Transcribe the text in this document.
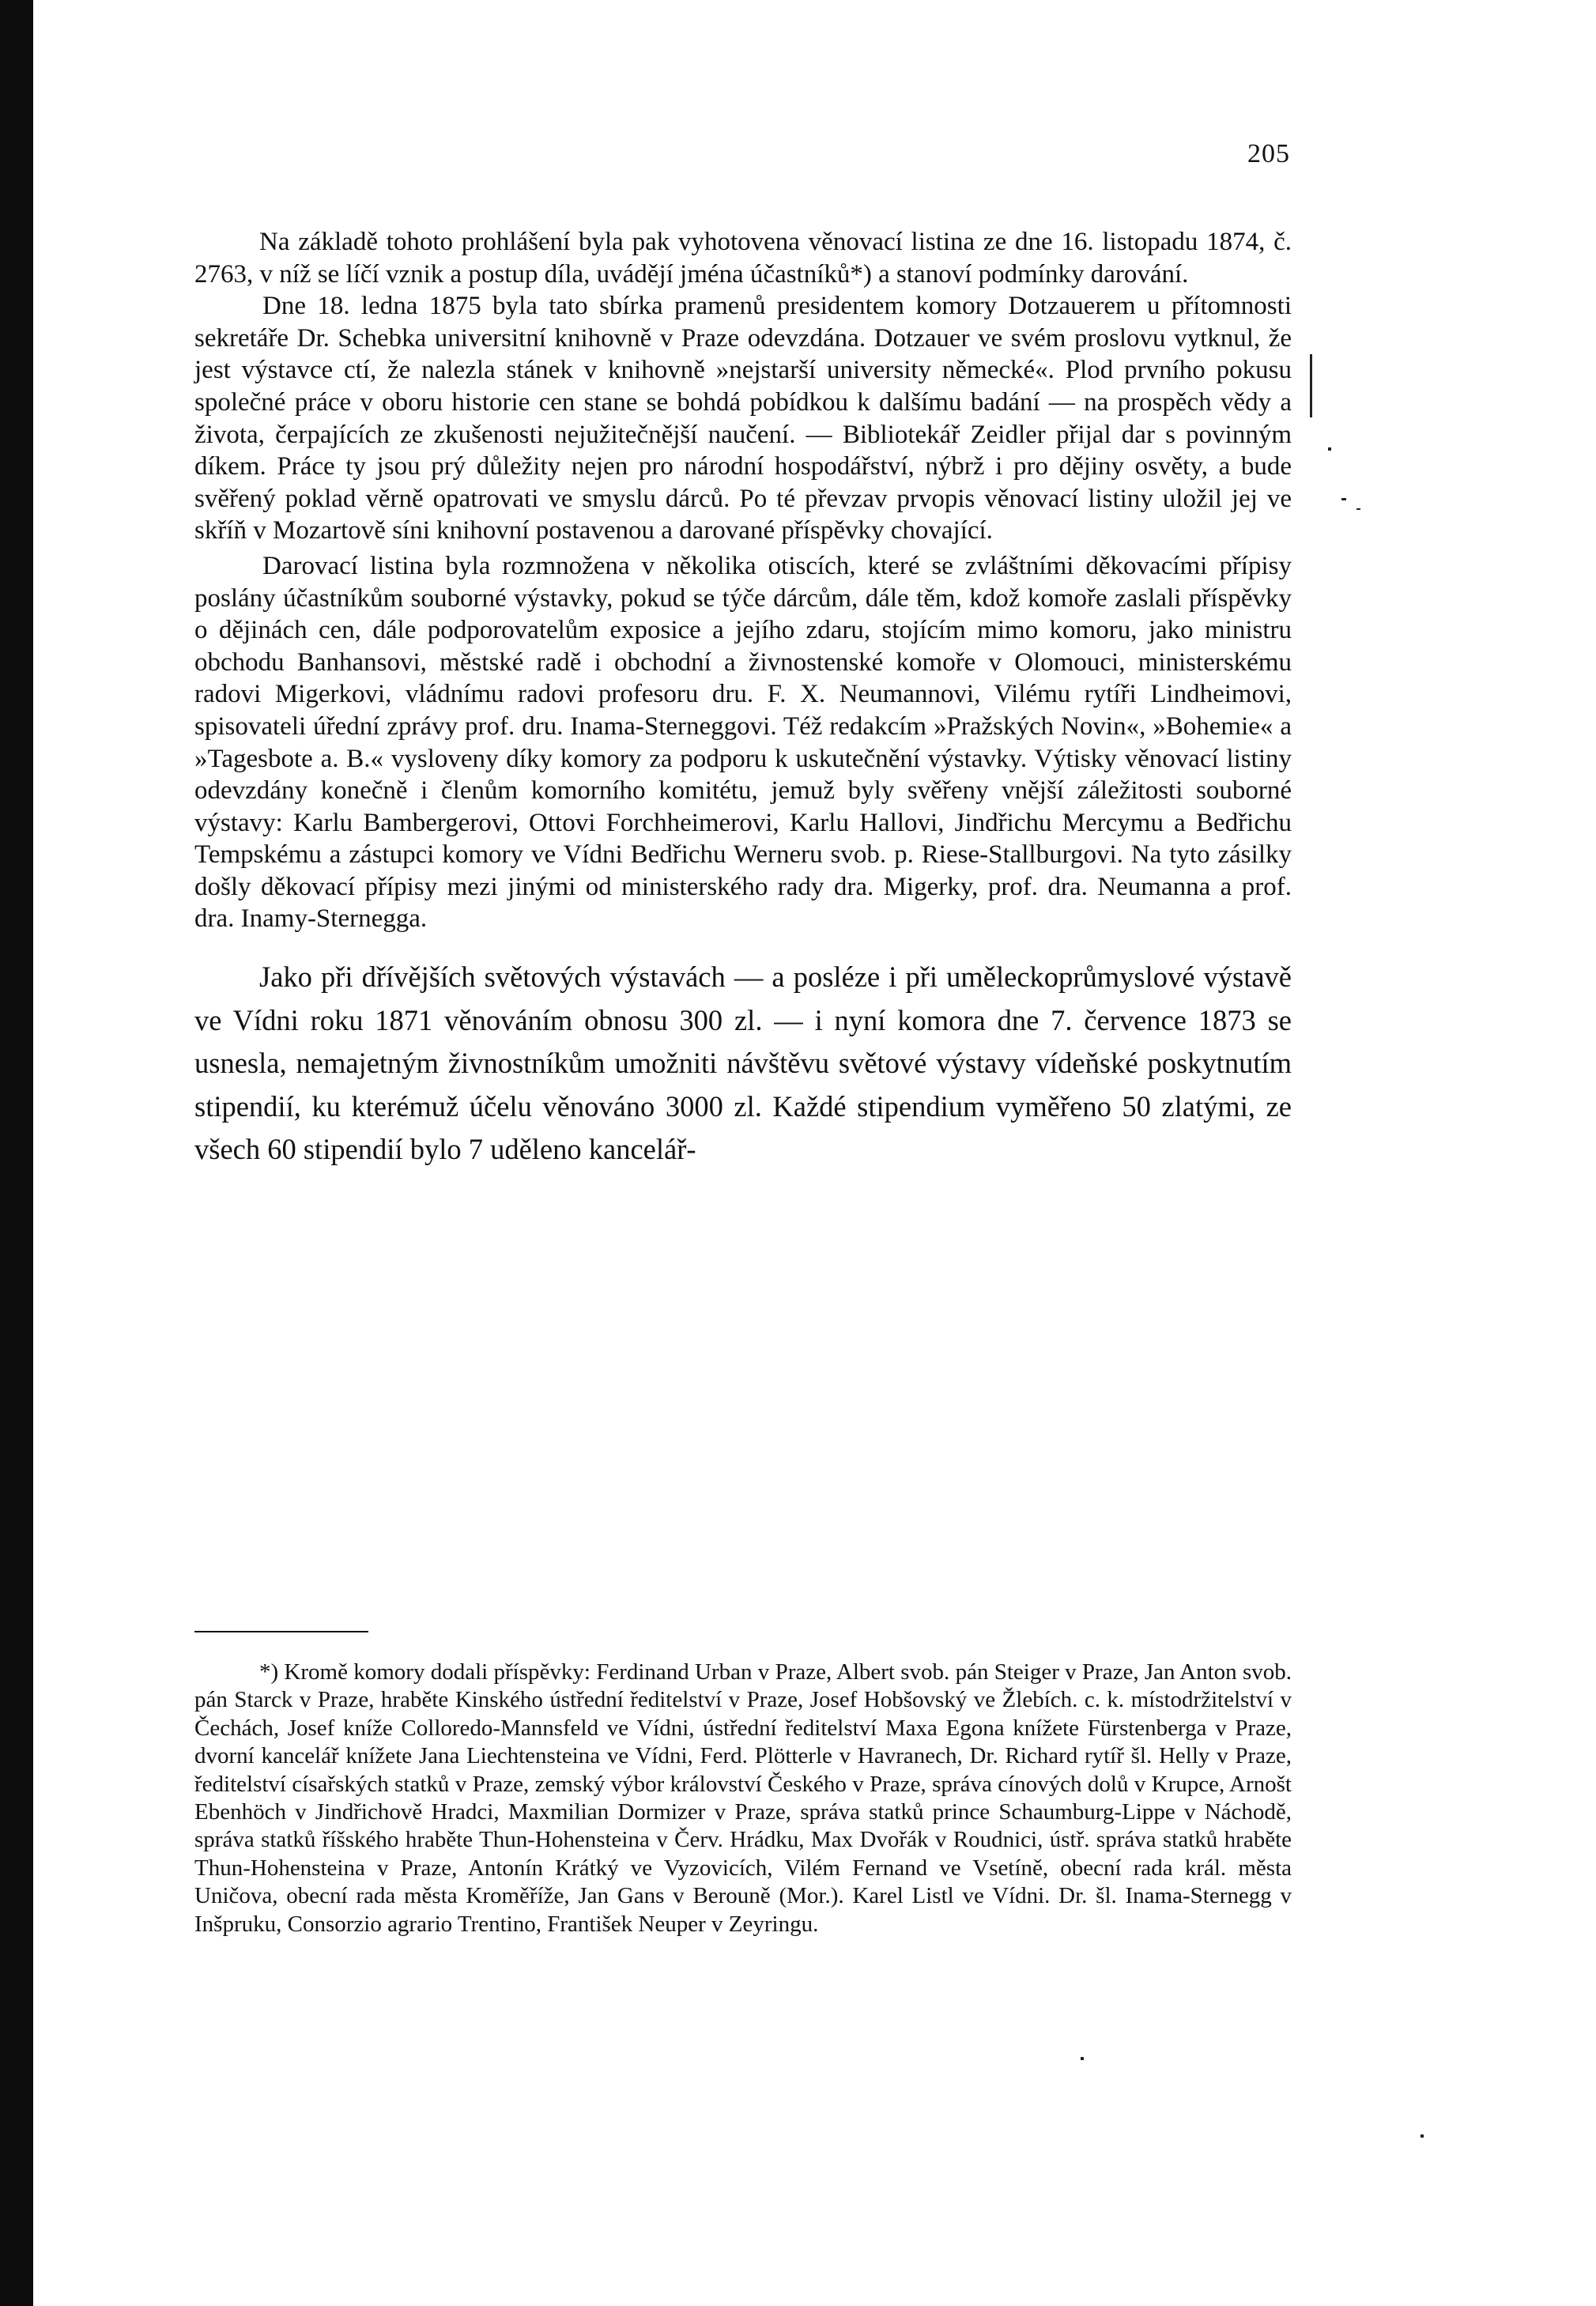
205

Na základě tohoto prohlášení byla pak vyhotovena věnovací listina ze dne 16. listopadu 1874, č. 2763, v níž se líčí vznik a postup díla, uvádějí jména účastníků*) a stanoví podmínky darování.

Dne 18. ledna 1875 byla tato sbírka pramenů presidentem komory Dotzauerem u přítomnosti sekretáře Dr. Schebka universitní knihovně v Praze odevzdána. Dotzauer ve svém proslovu vytknul, že jest výstavce ctí, že nalezla stánek v knihovně »nejstarší university německé«. Plod prvního pokusu společné práce v oboru historie cen stane se bohdá pobídkou k dalšímu badání — na prospěch vědy a života, čerpajících ze zkušenosti nejužitečnější naučení. — Bibliotekář Zeidler přijal dar s povinným díkem. Práce ty jsou prý důležity nejen pro národní hospodářství, nýbrž i pro dějiny osvěty, a bude svěřený poklad věrně opatrovati ve smyslu dárců. Po té převzav prvopis věnovací listiny uložil jej ve skříň v Mozartově síni knihovní postavenou a darované příspěvky chovající.

Darovací listina byla rozmnožena v několika otiscích, které se zvláštními děkovacími přípisy poslány účastníkům souborné výstavky, pokud se týče dárcům, dále těm, kdož komoře zaslali příspěvky o dějinách cen, dále podporovatelům exposice a jejího zdaru, stojícím mimo komoru, jako ministru obchodu Banhansovi, městské radě i obchodní a živnostenské komoře v Olomouci, ministerskému radovi Migerkovi, vládnímu radovi profesoru dru. F. X. Neumannovi, Vilému rytíři Lindheimovi, spisovateli úřední zprávy prof. dru. Inama-Sterneggovi. Též redakcím »Pražských Novin«, »Bohemie« a »Tagesbote a. B.« vysloveny díky komory za podporu k uskutečnění výstavky. Výtisky věnovací listiny odevzdány konečně i členům komorního komitétu, jemuž byly svěřeny vnější záležitosti souborné výstavy: Karlu Bambergerovi, Ottovi Forchheimerovi, Karlu Hallovi, Jindřichu Mercymu a Bedřichu Tempskému a zástupci komory ve Vídni Bedřichu Werneru svob. p. Riese-Stallburgovi. Na tyto zásilky došly děkovací přípisy mezi jinými od ministerského rady dra. Migerky, prof. dra. Neumanna a prof. dra. Inamy-Sternegga.

Jako při dřívějších světových výstavách — a posléze i při uměleckoprůmyslové výstavě ve Vídni roku 1871 věnováním obnosu 300 zl. — i nyní komora dne 7. července 1873 se usnesla, nemajetným živnostníkům umožniti návštěvu světové výstavy vídeňské poskytnutím stipendií, ku kterémuž účelu věnováno 3000 zl. Každé stipendium vyměřeno 50 zlatými, ze všech 60 stipendií bylo 7 uděleno kancelář-

*) Kromě komory dodali příspěvky: Ferdinand Urban v Praze, Albert svob. pán Steiger v Praze, Jan Anton svob. pán Starck v Praze, hraběte Kinského ústřední ředitelství v Praze, Josef Hobšovský ve Žlebích. c. k. místodržitelství v Čechách, Josef kníže Colloredo-Mannsfeld ve Vídni, ústřední ředitelství Maxa Egona knížete Fürstenberga v Praze, dvorní kancelář knížete Jana Liechtensteina ve Vídni, Ferd. Plötterle v Havranech, Dr. Richard rytíř šl. Helly v Praze, ředitelství císařských statků v Praze, zemský výbor království Českého v Praze, správa cínových dolů v Krupce, Arnošt Ebenhöch v Jindřichově Hradci, Maxmilian Dormizer v Praze, správa statků prince Schaumburg-Lippe v Náchodě, správa statků říšského hraběte Thun-Hohensteina v Červ. Hrádku, Max Dvořák v Roudnici, ústř. správa statků hraběte Thun-Hohensteina v Praze, Antonín Krátký ve Vyzovicích, Vilém Fernand ve Vsetíně, obecní rada král. města Uničova, obecní rada města Kroměříže, Jan Gans v Berouně (Mor.). Karel Listl ve Vídni. Dr. šl. Inama-Sternegg v Inšpruku, Consorzio agrario Trentino, František Neuper v Zeyringu.
